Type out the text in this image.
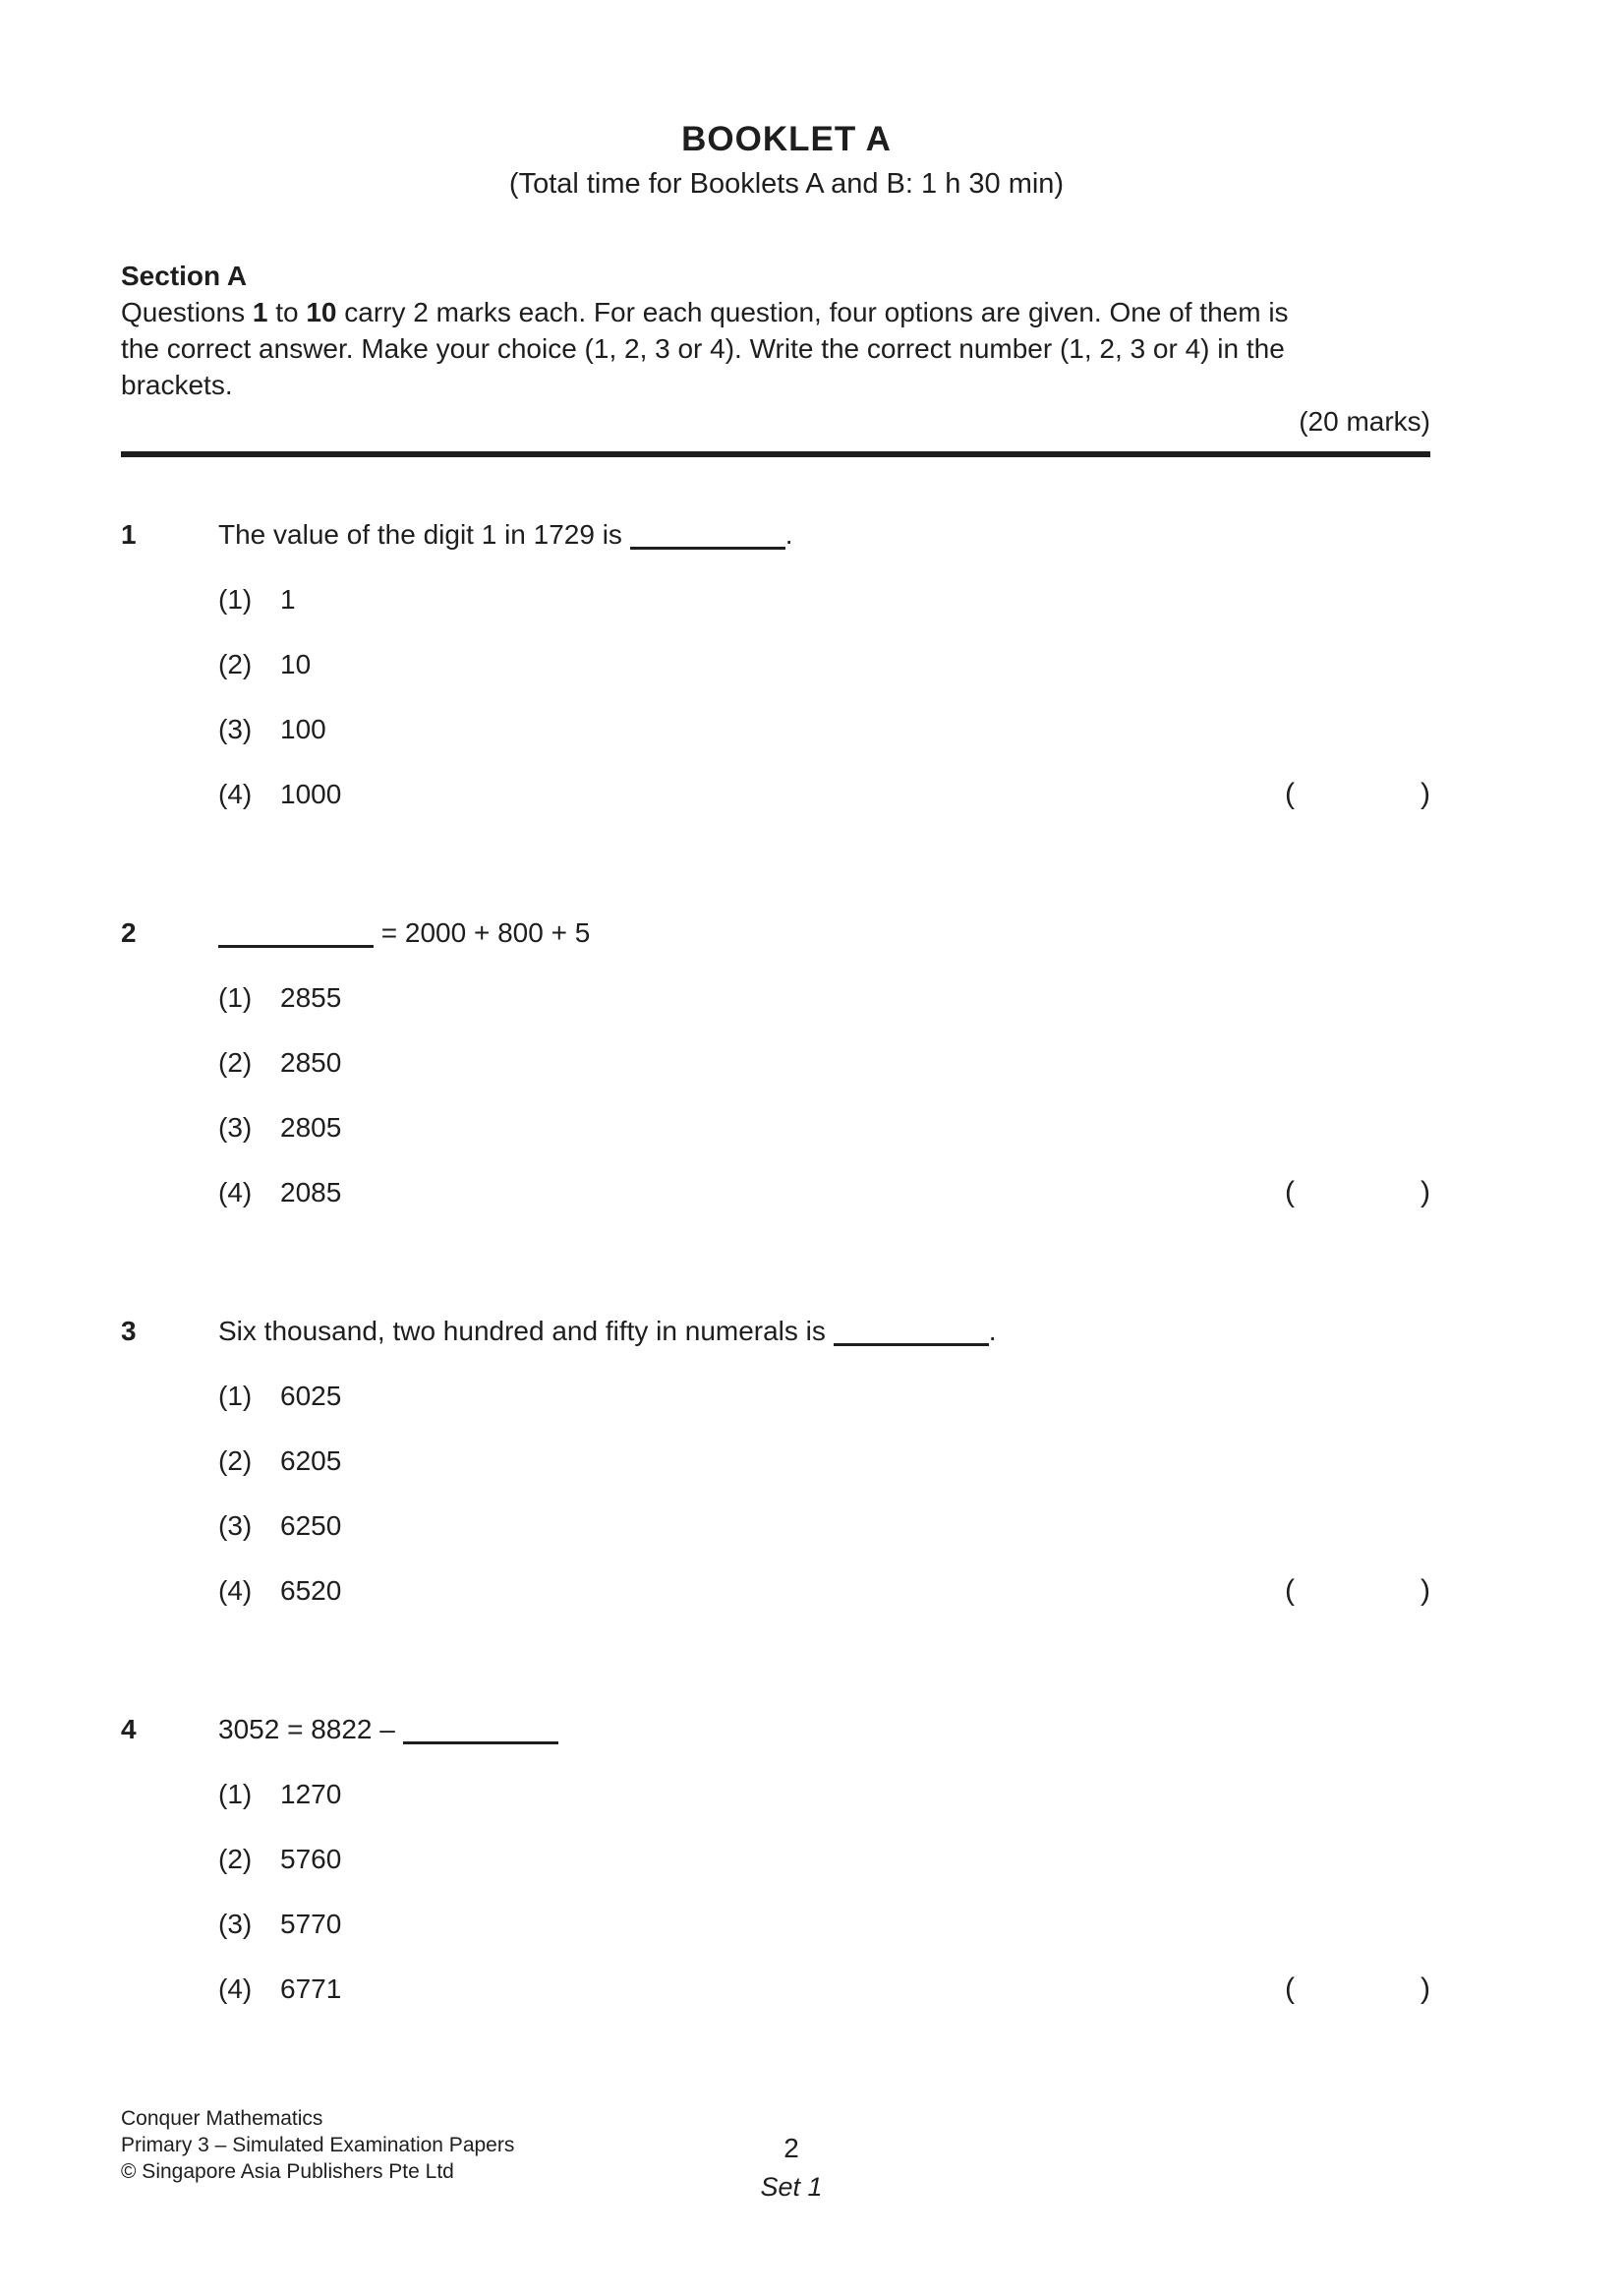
BOOKLET A
(Total time for Booklets A and B: 1 h 30 min)
Section A
Questions 1 to 10 carry 2 marks each. For each question, four options are given. One of them is
the correct answer. Make your choice (1, 2, 3 or 4). Write the correct number (1, 2, 3 or 4) in the
brackets.
(20 marks)
1	The value of the digit 1 in 1729 is	.
(1)	1
(2)	10
(3)	100
(4)	1000	(	)
2	= 2000 + 800 + 5
(1)	2855
(2)	2850
(3)	2805
(4)	2085	(	)
3	Six thousand, two hundred and fifty in numerals is	.
(1)	6025
(2)	6205
(3)	6250
(4)	6520	(	)
4	3052 = 8822 –
(1)	1270
(2)	5760
(3)	5770
(4)	6771	(	)
Conquer Mathematics
Primary 3 – Simulated Examination Papers
© Singapore Asia Publishers Pte Ltd
2
Set 1
